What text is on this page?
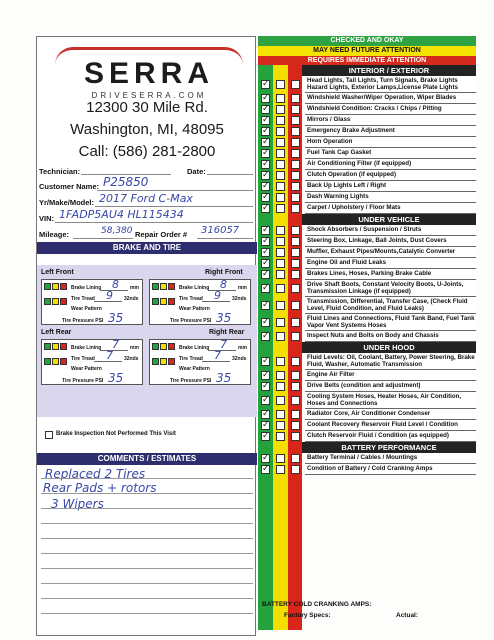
SERRA
DRIVESERRA.COM
12300 30 Mile Rd.
Washington, MI, 48095
Call: (586) 281-2800
Technician:	Date:
Customer Name: P25850
Yr/Make/Model: 2017 Ford C-Max
VIN: 1FADP5AU4 HL115434
Mileage:	58,380 Repair Order # 316057
BRAKE AND TIRE
Left Front	Right Front
Brake Lining
Tire Tread
Wear Pattern
mm
32nds
8
9
Tire Pressure PSI 35
Brake Lining
Tire Tread
Wear Pattern
mm
32nds
8
9
Tire Pressure PSI 35
Left Rear	Right Rear
Brake Lining
Tire Tread
Wear Pattern
mm
32nds
7
7
Tire Pressure PSI 35
Brake Lining
Tire Tread
Wear Pattern
mm
32nds
7
7
Tire Pressure PSI 35
Brake Inspection Not Performed This Visit
COMMENTS / ESTIMATES
Replaced 2 Tires
Rear Pads + rotors
3 Wipers
CHECKED AND OKAY
MAY NEED FUTURE ATTENTION
REQUIRES IMMEDIATE ATTENTION
INTERIOR / EXTERIOR
✓	Head Lights, Tail Lights, Turn Signals, Brake Lights Hazard Lights, Exterior Lamps,License Plate Lights
✓	Windshield Washer/Wiper Operation, Wiper Blades
✓	Windshield Condition: Cracks / Chips / Pitting
✓	Mirrors / Glass
✓	Emergency Brake Adjustment
✓	Horn Operation
✓	Fuel Tank Cap Gasket
✓	Air Conditioning Filter (if equipped)
✓	Clutch Operation (if equipped)
✓	Back Up Lights Left / Right
✓	Dash Warning Lights
✓	Carpet / Upholstery / Floor Mats
UNDER VEHICLE
✓	Shock Absorbers / Suspension / Struts
✓	Steering Box, Linkage, Ball Joints, Dust Covers
✓	Muffler, Exhaust Pipes/Mounts,Catalytic Converter
✓	Engine Oil and Fluid Leaks
✓	Brakes Lines, Hoses, Parking Brake Cable
✓	Drive Shaft Boots, Constant Velocity Boots, U-Joints, Transmission Linkage (if equipped)
✓	Transmission, Differential, Transfer Case, (Check Fluid Level, Fluid Condition, and Fluid Leaks)
✓	Fluid Lines and Connections, Fluid Tank Band, Fuel Tank Vapor Vent Systems Hoses
✓	Inspect Nuts and Bolts on Body and Chassis
UNDER HOOD
✓	Fluid Levels: Oil, Coolant, Battery, Power Steering, Brake Fluid, Washer, Automatic Transmission
✓	Engine Air Filter
✓	Drive Belts (condition and adjustment)
✓	Cooling System Hoses, Heater Hoses, Air Condition, Hoses and Connections
✓	Radiator Core, Air Conditioner Condenser
✓	Coolant Recovery Reservoir Fluid Level / Condition
✓	Clutch Reservoir Fluid / Condition (as equipped)
BATTERY PERFORMANCE
✓	Battery Terminal / Cables / Mountings
✓	Condition of Battery / Cold Cranking Amps
BATTERY COLD CRANKING AMPS:
Factory Specs:	Actual:
